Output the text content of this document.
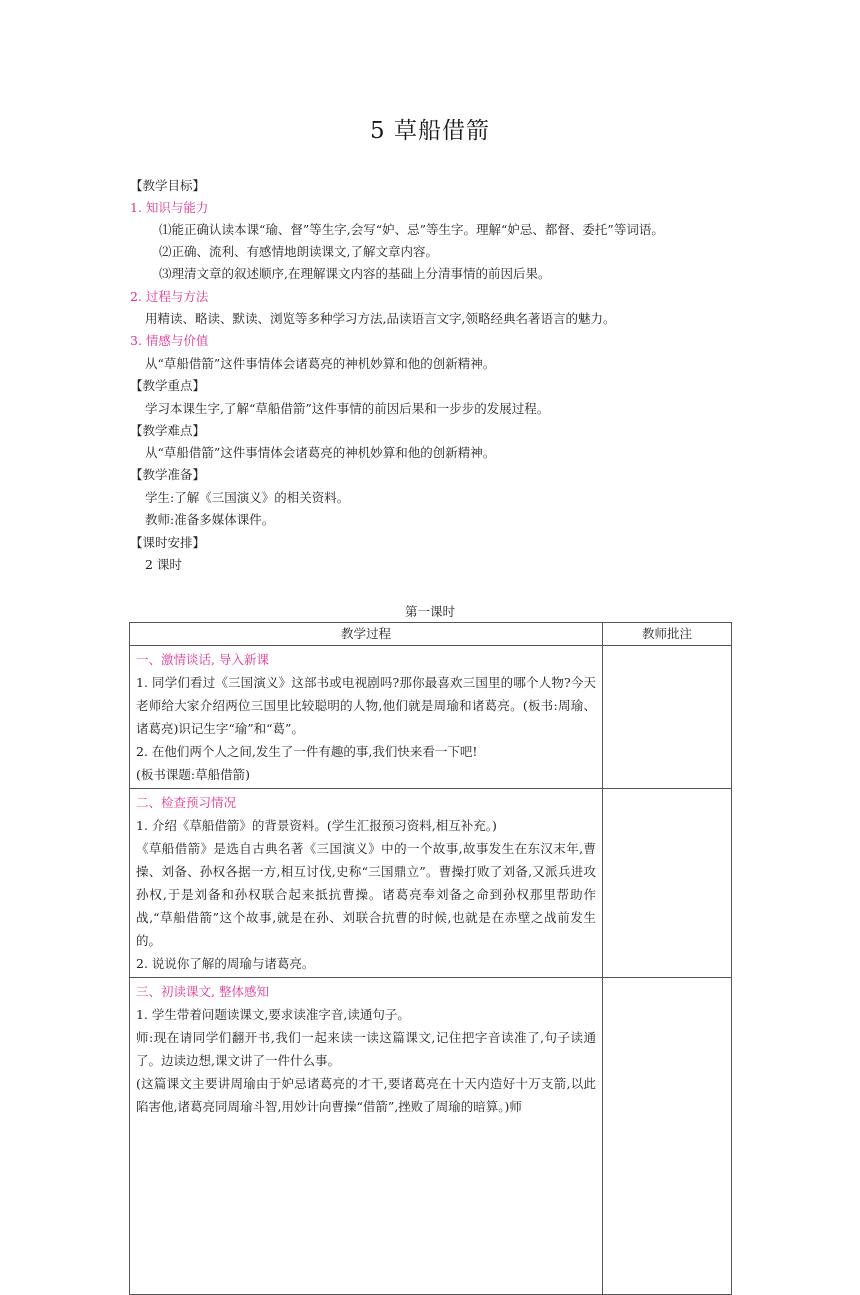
5 草船借箭
【教学目标】
1. 知识与能力
⑴能正确认读本课“瑜、督”等生字,会写“妒、忌”等生字。理解“妒忌、都督、委托”等词语。
⑵正确、流利、有感情地朗读课文,了解文章内容。
⑶理清文章的叙述顺序,在理解课文内容的基础上分清事情的前因后果。
2. 过程与方法
用精读、略读、默读、浏览等多种学习方法,品读语言文字,领略经典名著语言的魅力。
3. 情感与价值
从“草船借箭”这件事情体会诸葛亮的神机妙算和他的创新精神。
【教学重点】
学习本课生字,了解“草船借箭”这件事情的前因后果和一步步的发展过程。
【教学难点】
从“草船借箭”这件事情体会诸葛亮的神机妙算和他的创新精神。
【教学准备】
学生:了解《三国演义》的相关资料。
教师:准备多媒体课件。
【课时安排】
2 课时
第一课时
教学过程	教师批注

一、激情谈话, 导入新课
1. 同学们看过《三国演义》这部书或电视剧吗?那你最喜欢三国里的哪个人物?今天老师给大家介绍两位三国里比较聪明的人物,他们就是周瑜和诸葛亮。(板书:周瑜、诸葛亮)识记生字“瑜”和“葛”。
2. 在他们两个人之间,发生了一件有趣的事,我们快来看一下吧!
(板书课题:草船借箭)	

二、检查预习情况
1. 介绍《草船借箭》的背景资料。(学生汇报预习资料,相互补充。)
《草船借箭》是选自古典名著《三国演义》中的一个故事,故事发生在东汉末年,曹操、刘备、孙权各据一方,相互讨伐,史称“三国鼎立”。曹操打败了刘备,又派兵进攻孙权,于是刘备和孙权联合起来抵抗曹操。诸葛亮奉刘备之命到孙权那里帮助作战,“草船借箭”这个故事,就是在孙、刘联合抗曹的时候,也就是在赤壁之战前发生的。
2. 说说你了解的周瑜与诸葛亮。	

三、初读课文, 整体感知
1. 学生带着问题读课文,要求读准字音,读通句子。
师:现在请同学们翻开书,我们一起来读一读这篇课文,记住把字音读准了,句子读通了。边读边想,课文讲了一件什么事。
(这篇课文主要讲周瑜由于妒忌诸葛亮的才干,要诸葛亮在十天内造好十万支箭,以此陷害他,诸葛亮同周瑜斗智,用妙计向曹操“借箭”,挫败了周瑜的暗算。)师	
